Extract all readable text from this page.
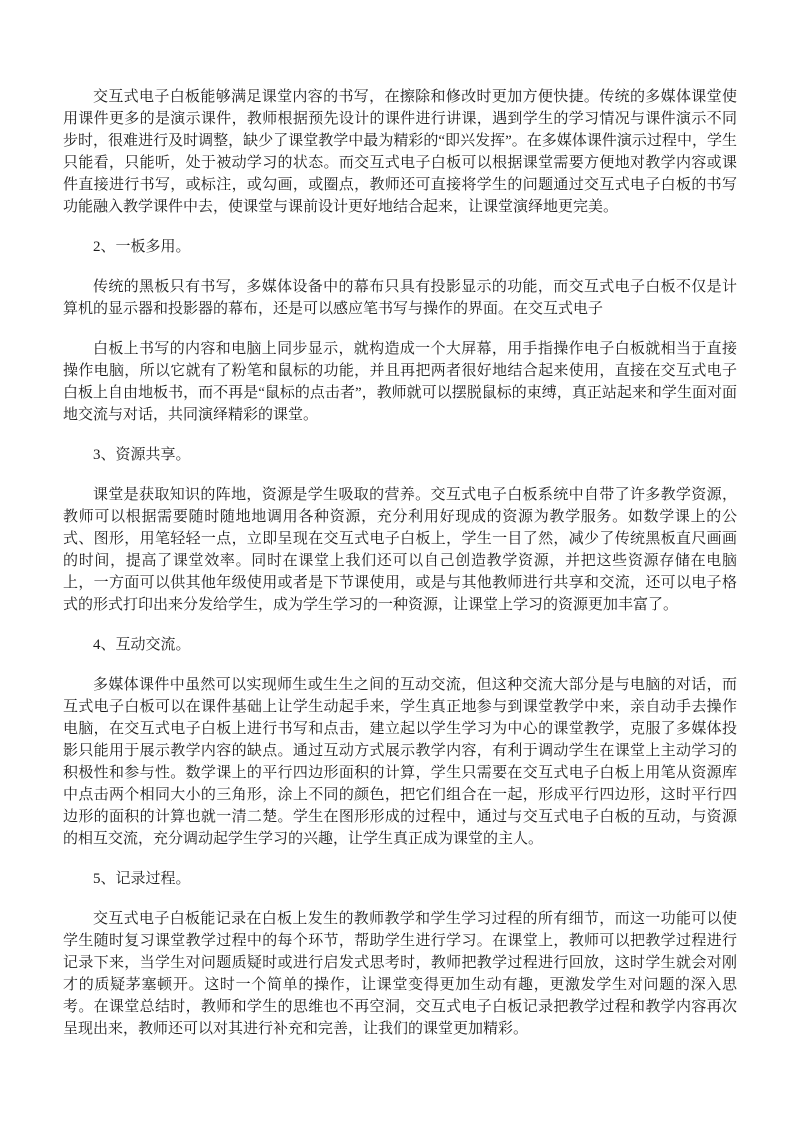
交互式电子白板能够满足课堂内容的书写，在擦除和修改时更加方便快捷。传统的多媒体课堂使用课件更多的是演示课件，教师根据预先设计的课件进行讲课，遇到学生的学习情况与课件演示不同步时，很难进行及时调整，缺少了课堂教学中最为精彩的“即兴发挥”。在多媒体课件演示过程中，学生只能看，只能听，处于被动学习的状态。而交互式电子白板可以根据课堂需要方便地对教学内容或课件直接进行书写，或标注，或勾画，或圈点，教师还可直接将学生的问题通过交互式电子白板的书写功能融入教学课件中去，使课堂与课前设计更好地结合起来，让课堂演绎地更完美。

2、一板多用。

传统的黑板只有书写，多媒体设备中的幕布只具有投影显示的功能，而交互式电子白板不仅是计算机的显示器和投影器的幕布，还是可以感应笔书写与操作的界面。在交互式电子

白板上书写的内容和电脑上同步显示，就构造成一个大屏幕，用手指操作电子白板就相当于直接操作电脑，所以它就有了粉笔和鼠标的功能，并且再把两者很好地结合起来使用，直接在交互式电子白板上自由地板书，而不再是“鼠标的点击者”，教师就可以摆脱鼠标的束缚，真正站起来和学生面对面地交流与对话，共同演绎精彩的课堂。

3、资源共享。

课堂是获取知识的阵地，资源是学生吸取的营养。交互式电子白板系统中自带了许多教学资源，教师可以根据需要随时随地地调用各种资源，充分利用好现成的资源为教学服务。如数学课上的公式、图形，用笔轻轻一点，立即呈现在交互式电子白板上，学生一目了然，减少了传统黑板直尺画画的时间，提高了课堂效率。同时在课堂上我们还可以自己创造教学资源，并把这些资源存储在电脑上，一方面可以供其他年级使用或者是下节课使用，或是与其他教师进行共享和交流，还可以电子格式的形式打印出来分发给学生，成为学生学习的一种资源，让课堂上学习的资源更加丰富了。

4、互动交流。

多媒体课件中虽然可以实现师生或生生之间的互动交流，但这种交流大部分是与电脑的对话，而互式电子白板可以在课件基础上让学生动起手来，学生真正地参与到课堂教学中来，亲自动手去操作电脑，在交互式电子白板上进行书写和点击，建立起以学生学习为中心的课堂教学，克服了多媒体投影只能用于展示教学内容的缺点。通过互动方式展示教学内容，有利于调动学生在课堂上主动学习的积极性和参与性。数学课上的平行四边形面积的计算，学生只需要在交互式电子白板上用笔从资源库中点击两个相同大小的三角形，涂上不同的颜色，把它们组合在一起，形成平行四边形，这时平行四边形的面积的计算也就一清二楚。学生在图形形成的过程中，通过与交互式电子白板的互动，与资源的相互交流，充分调动起学生学习的兴趣，让学生真正成为课堂的主人。

5、记录过程。

交互式电子白板能记录在白板上发生的教师教学和学生学习过程的所有细节，而这一功能可以使学生随时复习课堂教学过程中的每个环节，帮助学生进行学习。在课堂上，教师可以把教学过程进行记录下来，当学生对问题质疑时或进行启发式思考时，教师把教学过程进行回放，这时学生就会对刚才的质疑茅塞顿开。这时一个简单的操作，让课堂变得更加生动有趣，更激发学生对问题的深入思考。在课堂总结时，教师和学生的思维也不再空洞，交互式电子白板记录把教学过程和教学内容再次呈现出来，教师还可以对其进行补充和完善，让我们的课堂更加精彩。
